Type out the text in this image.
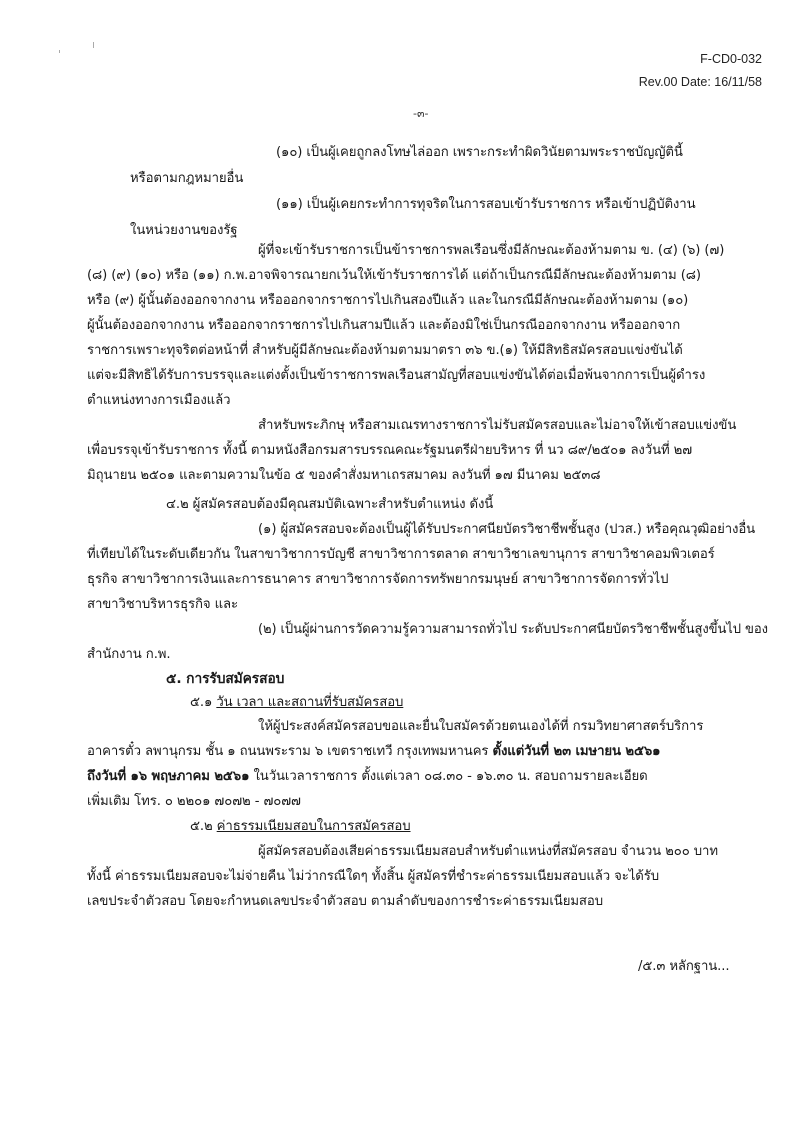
F-CD0-032
Rev.00 Date: 16/11/58
-๓-
(๑๐) เป็นผู้เคยถูกลงโทษไล่ออก เพราะกระทำผิดวินัยตามพระราชบัญญัตินี้
หรือตามกฎหมายอื่น
(๑๑) เป็นผู้เคยกระทำการทุจริตในการสอบเข้ารับราชการ หรือเข้าปฏิบัติงาน
ในหน่วยงานของรัฐ
ผู้ที่จะเข้ารับราชการเป็นข้าราชการพลเรือนซึ่งมีลักษณะต้องห้ามตาม ข. (๔) (๖) (๗)
(๘) (๙) (๑๐) หรือ (๑๑) ก.พ.อาจพิจารณายกเว้นให้เข้ารับราชการได้ แต่ถ้าเป็นกรณีมีลักษณะต้องห้ามตาม (๘)
หรือ (๙) ผู้นั้นต้องออกจากงาน หรือออกจากราชการไปเกินสองปีแล้ว และในกรณีมีลักษณะต้องห้ามตาม (๑๐)
ผู้นั้นต้องออกจากงาน หรือออกจากราชการไปเกินสามปีแล้ว และต้องมิใช่เป็นกรณีออกจากงาน หรือออกจาก
ราชการเพราะทุจริตต่อหน้าที่ สำหรับผู้มีลักษณะต้องห้ามตามมาตรา ๓๖ ข.(๑) ให้มีสิทธิสมัครสอบแข่งขันได้
แต่จะมีสิทธิได้รับการบรรจุและแต่งตั้งเป็นข้าราชการพลเรือนสามัญที่สอบแข่งขันได้ต่อเมื่อพ้นจากการเป็นผู้ดำรง
ตำแหน่งทางการเมืองแล้ว
สำหรับพระภิกษุ หรือสามเณรทางราชการไม่รับสมัครสอบและไม่อาจให้เข้าสอบแข่งขัน
เพื่อบรรจุเข้ารับราชการ ทั้งนี้ ตามหนังสือกรมสารบรรณคณะรัฐมนตรีฝ่ายบริหาร ที่ นว ๘๙/๒๕๐๑ ลงวันที่ ๒๗
มิถุนายน ๒๕๐๑ และตามความในข้อ ๕ ของคำสั่งมหาเถรสมาคม ลงวันที่ ๑๗ มีนาคม ๒๕๓๘
๔.๒ ผู้สมัครสอบต้องมีคุณสมบัติเฉพาะสำหรับตำแหน่ง ดังนี้
(๑) ผู้สมัครสอบจะต้องเป็นผู้ได้รับประกาศนียบัตรวิชาชีพชั้นสูง (ปวส.) หรือคุณวุฒิอย่างอื่น
ที่เทียบได้ในระดับเดียวกัน ในสาขาวิชาการบัญชี สาขาวิชาการตลาด สาขาวิชาเลขานุการ สาขาวิชาคอมพิวเตอร์
ธุรกิจ สาขาวิชาการเงินและการธนาคาร สาขาวิชาการจัดการทรัพยากรมนุษย์ สาขาวิชาการจัดการทั่วไป
สาขาวิชาบริหารธุรกิจ และ
(๒) เป็นผู้ผ่านการวัดความรู้ความสามารถทั่วไป ระดับประกาศนียบัตรวิชาชีพชั้นสูงขึ้นไป ของ
สำนักงาน ก.พ.
๕. การรับสมัครสอบ
๕.๑ วัน เวลา และสถานที่รับสมัครสอบ
ให้ผู้ประสงค์สมัครสอบขอและยื่นใบสมัครด้วยตนเองได้ที่ กรมวิทยาศาสตร์บริการ
อาคารตั๋ว ลพานุกรม ชั้น ๑ ถนนพระราม ๖ เขตราชเทวี กรุงเทพมหานคร ตั้งแต่วันที่ ๒๓ เมษายน ๒๕๖๑
ถึงวันที่ ๑๖ พฤษภาคม ๒๕๖๑ ในวันเวลาราชการ ตั้งแต่เวลา ๐๘.๓๐ - ๑๖.๓๐ น. สอบถามรายละเอียด
เพิ่มเติม โทร. ๐ ๒๒๐๑ ๗๐๗๒ - ๗๐๗๗
๕.๒ ค่าธรรมเนียมสอบในการสมัครสอบ
ผู้สมัครสอบต้องเสียค่าธรรมเนียมสอบสำหรับตำแหน่งที่สมัครสอบ จำนวน ๒๐๐ บาท
ทั้งนี้ ค่าธรรมเนียมสอบจะไม่จ่ายคืน ไม่ว่ากรณีใดๆ ทั้งสิ้น ผู้สมัครที่ชำระค่าธรรมเนียมสอบแล้ว จะได้รับ
เลขประจำตัวสอบ โดยจะกำหนดเลขประจำตัวสอบ ตามลำดับของการชำระค่าธรรมเนียมสอบ
/๕.๓ หลักฐาน...
